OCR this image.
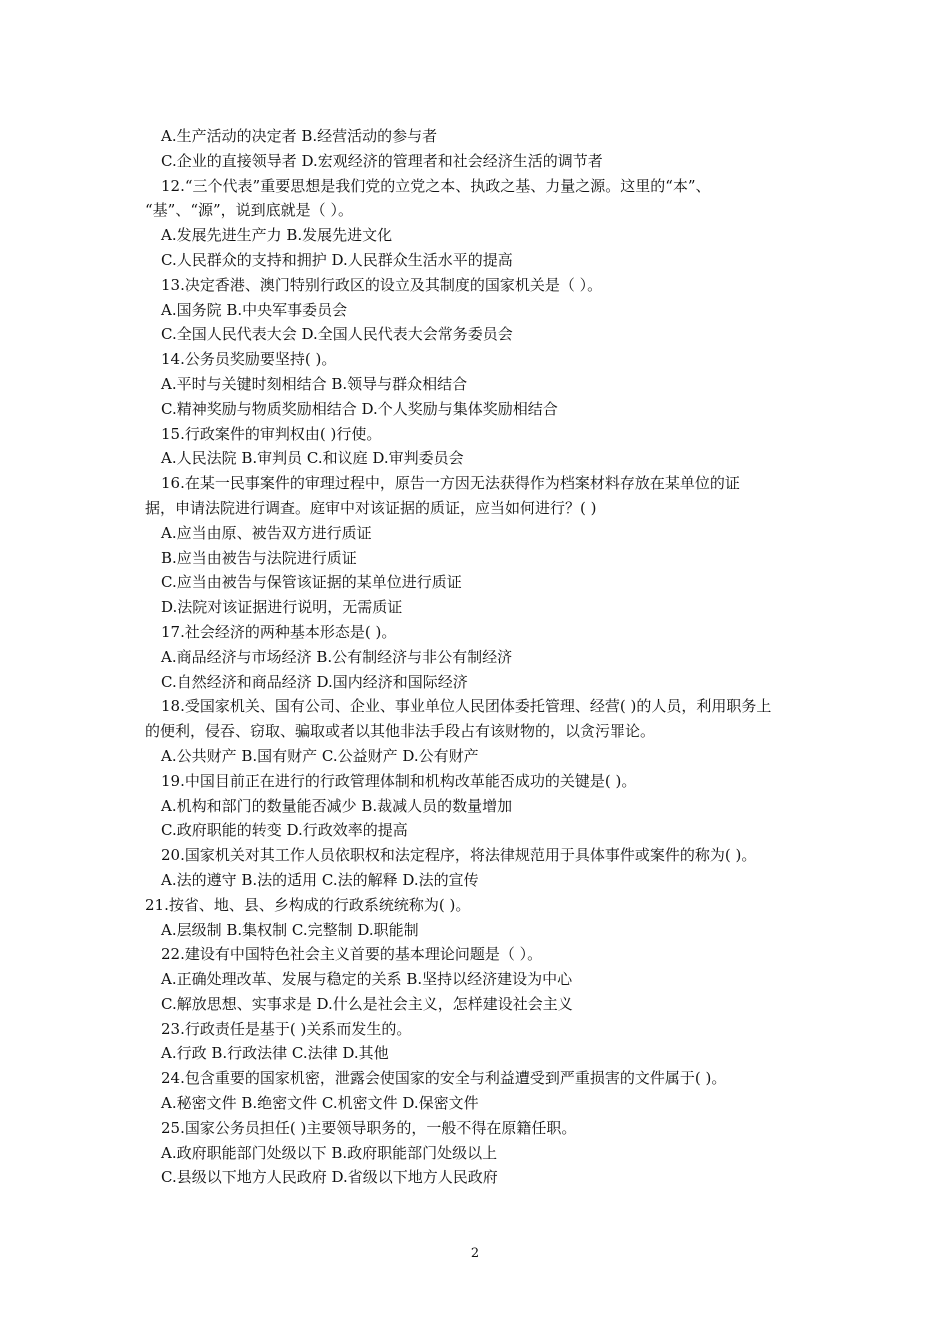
A.生产活动的决定者 B.经营活动的参与者
C.企业的直接领导者 D.宏观经济的管理者和社会经济生活的调节者
12.“三个代表”重要思想是我们党的立党之本、执政之基、力量之源。这里的“本”、
“基”、“源”，说到底就是（ ）。
A.发展先进生产力 B.发展先进文化
C.人民群众的支持和拥护 D.人民群众生活水平的提高
13.决定香港、澳门特别行政区的设立及其制度的国家机关是（ ）。
A.国务院 B.中央军事委员会
C.全国人民代表大会 D.全国人民代表大会常务委员会
14.公务员奖励要坚持( )。
A.平时与关键时刻相结合 B.领导与群众相结合
C.精神奖励与物质奖励相结合 D.个人奖励与集体奖励相结合
15.行政案件的审判权由( )行使。
A.人民法院 B.审判员 C.和议庭 D.审判委员会
16.在某一民事案件的审理过程中，原告一方因无法获得作为档案材料存放在某单位的证
据，申请法院进行调查。庭审中对该证据的质证，应当如何进行？( )
A.应当由原、被告双方进行质证
B.应当由被告与法院进行质证
C.应当由被告与保管该证据的某单位进行质证
D.法院对该证据进行说明，无需质证
17.社会经济的两种基本形态是( )。
A.商品经济与市场经济 B.公有制经济与非公有制经济
C.自然经济和商品经济 D.国内经济和国际经济
18.受国家机关、国有公司、企业、事业单位人民团体委托管理、经营( )的人员，利用职务上
的便利，侵吞、窃取、骗取或者以其他非法手段占有该财物的，以贪污罪论。
A.公共财产 B.国有财产 C.公益财产 D.公有财产
19.中国目前正在进行的行政管理体制和机构改革能否成功的关键是( )。
A.机构和部门的数量能否减少 B.裁减人员的数量增加
C.政府职能的转变 D.行政效率的提高
20.国家机关对其工作人员依职权和法定程序，将法律规范用于具体事件或案件的称为( )。
A.法的遵守 B.法的适用 C.法的解释 D.法的宣传
21.按省、地、县、乡构成的行政系统统称为( )。
A.层级制 B.集权制 C.完整制 D.职能制
22.建设有中国特色社会主义首要的基本理论问题是（ ）。
A.正确处理改革、发展与稳定的关系 B.坚持以经济建设为中心
C.解放思想、实事求是 D.什么是社会主义，怎样建设社会主义
23.行政责任是基于( )关系而发生的。
A.行政 B.行政法律 C.法律 D.其他
24.包含重要的国家机密，泄露会使国家的安全与利益遭受到严重损害的文件属于( )。
A.秘密文件 B.绝密文件 C.机密文件 D.保密文件
25.国家公务员担任( )主要领导职务的，一般不得在原籍任职。
A.政府职能部门处级以下 B.政府职能部门处级以上
C.县级以下地方人民政府 D.省级以下地方人民政府
2
